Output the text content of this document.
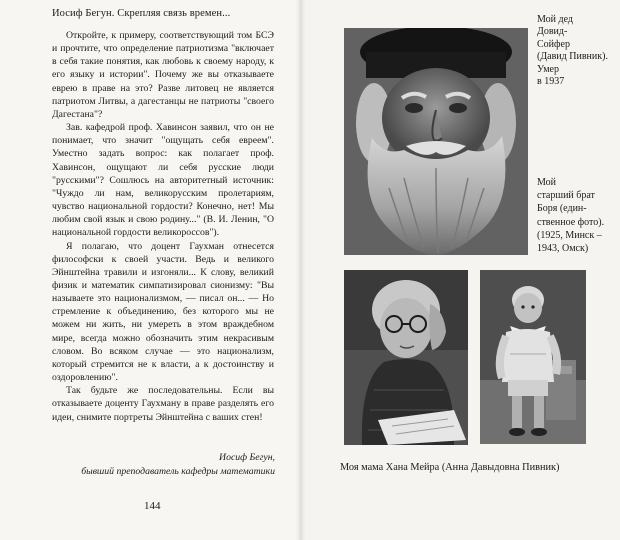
Иосиф Бегун. Скрепляя связь времен...

Откройте, к примеру, соответствующий том БСЭ и прочтите, что определение патриотизма "включает в себя такие понятия, как любовь к своему народу, к его языку и истории". Почему же вы отказываете еврею в праве на это? Разве литовец не является патриотом Литвы, а дагестанцы не патриоты "своего Дагестана"?

Зав. кафедрой проф. Хавинсон заявил, что он не понимает, что значит "ощущать себя евреем". Уместно задать вопрос: как полагает проф. Хавинсон, ощущают ли себя русские люди "русскими"? Сошлюсь на авторитетный источник: "Чуждо ли нам, великорусским пролетариям, чувство национальной гордости? Конечно, нет! Мы любим свой язык и свою родину..." (В. И. Ленин, "О национальной гордости великороссов").

Я полагаю, что доцент Гаухман отнесется философски к своей участи. Ведь и великого Эйнштейна травили и изгоняли... К слову, великий физик и математик симпатизировал сионизму: "Вы называете это национализмом, — писал он... — Но стремление к объединению, без которого мы не можем ни жить, ни умереть в этом враждебном мире, всегда можно обозначить этим некрасивым словом. Во всяком случае — это национализм, который стремится не к власти, а к достоинству и оздоровлению".

Так будьте же последовательны. Если вы отказываете доценту Гаухману в праве разделять его идеи, снимите портреты Эйнштейна с ваших стен!

Иосиф Бегун,
бывший преподаватель кафедры математики
144
Мой дед
Довид-
Сойфер
(Давид Пивник).
Умер
в 1937
Мой
старший брат
Боря (един-
ственное фото).
(1925, Минск –
1943, Омск)
Моя мама Хана Мейра (Анна Давыдовна Пивник)
